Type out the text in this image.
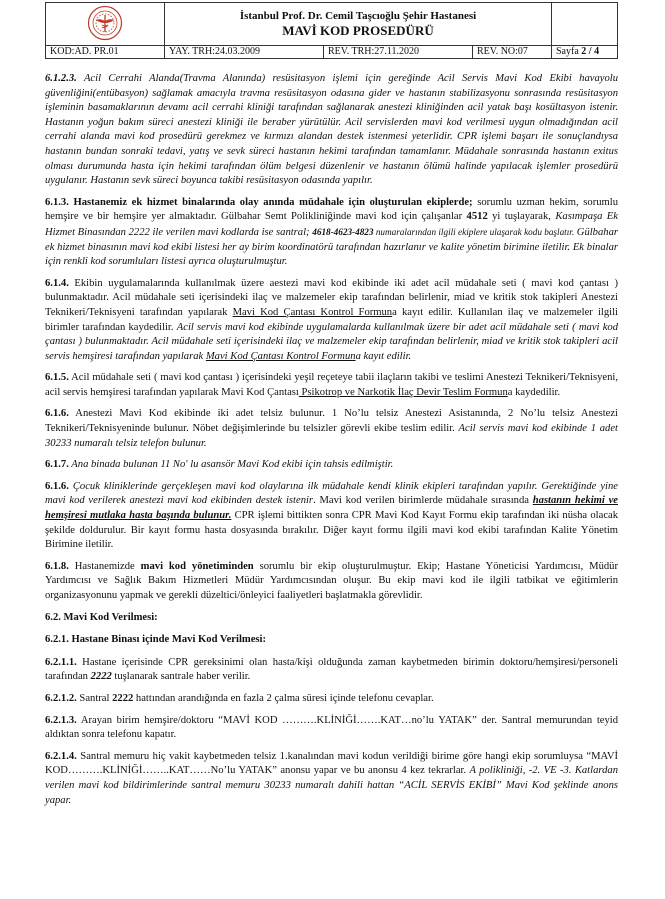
İstanbul Prof. Dr. Cemil Taşcıoğlu Şehir Hastanesi
MAVİ KOD PROSEDÜRÜ			

KOD:AD. PR.01	YAY. TRH:24.03.2009	REV. TRH:27.11.2020	REV. NO:07	Sayfa 2 / 4

6.1.2.3. Acil Cerrahi Alanda(Travma Alanında) resüsitasyon işlemi için gereğinde Acil Servis Mavi Kod Ekibi havayolu güvenliğini(entübasyon) sağlamak amacıyla travma resüsitasyon odasına gider ve hastanın stabilizasyonu sonrasında resüsitasyon işleminin basamaklarının devamı acil cerrahi kliniği tarafından sağlanarak anestezi kliniğinden acil yatak başı kosültasyon istenir. Hastanın yoğun bakım süreci anestezi kliniği ile beraber yürütülür. Acil servislerden mavi kod verilmesi uygun olmadığından acil cerrahi alanda mavi kod prosedürü gerekmez ve kırmızı alandan destek istenmesi yeterlidir. CPR işlemi başarı ile sonuçlandıysa hastanın bundan sonraki tedavi, yatış ve sevk süreci hastanın hekimi tarafından tamamlanır. Müdahale sonrasında hastanın exitus olması durumunda hasta için hekimi tarafından ölüm belgesi düzenlenir ve hastanın ölümü halinde yapılacak işlemler prosedürü uygulanır. Hastanın sevk süreci boyunca takibi resüsitasyon odasında yapılır.

6.1.3. Hastanemiz ek hizmet binalarında olay anında müdahale için oluşturulan ekiplerde; sorumlu uzman hekim, sorumlu hemşire ve bir hemşire yer almaktadır. Gülbahar Semt Polikliniğinde mavi kod için çalışanlar 4512 yi tuşlayarak, Kasımpaşa Ek Hizmet Binasından 2222 ile verilen mavi kodlarda ise santral; 4618-4623-4823 numaralarından ilgili ekiplere ulaşarak kodu başlatır. Gülbahar ek hizmet binasının mavi kod ekibi listesi her ay birim koordinatörü tarafından hazırlanır ve kalite yönetim birimine iletilir. Ek binalar için renkli kod sorumluları listesi ayrıca oluşturulmuştur.

6.1.4. Ekibin uygulamalarında kullanılmak üzere aestezi mavi kod ekibinde iki adet acil müdahale seti ( mavi kod çantası ) bulunmaktadır. Acil müdahale seti içerisindeki ilaç ve malzemeler ekip tarafından belirlenir, miad ve kritik stok takipleri Anestezi Teknikeri/Teknisyeni tarafından yapılarak Mavi Kod Çantası Kontrol Formuna kayıt edilir. Kullanılan ilaç ve malzemeler ilgili birimler tarafından kaydedilir. Acil servis mavi kod ekibinde uygulamalarda kullanılmak üzere bir adet acil müdahale seti ( mavi kod çantası ) bulunmaktadır. Acil müdahale seti içerisindeki ilaç ve malzemeler ekip tarafından belirlenir, miad ve kritik stok takipleri acil servis hemşiresi tarafından yapılarak Mavi Kod Çantası Kontrol Formuna kayıt edilir.

6.1.5. Acil müdahale seti ( mavi kod çantası ) içerisindeki yeşil reçeteye tabii ilaçların takibi ve teslimi Anestezi Teknikeri/Teknisyeni, acil servis hemşiresi tarafından yapılarak Mavi Kod Çantası Psikotrop ve Narkotik İlaç Devir Teslim Formuna kaydedilir.

6.1.6. Anestezi Mavi Kod ekibinde iki adet telsiz bulunur. 1 No’lu telsiz Anestezi Asistanında, 2 No’lu telsiz Anestezi Teknikeri/Teknisyeninde bulunur. Nöbet değişimlerinde bu telsizler görevli ekibe teslim edilir. Acil servis mavi kod ekibinde 1 adet 30233 numaralı telsiz telefon bulunur.

6.1.7. Ana binada bulunan 11 No' lu asansör Mavi Kod ekibi için tahsis edilmiştir.

6.1.6. Çocuk kliniklerinde gerçekleşen mavi kod olaylarına ilk müdahale kendi klinik ekipleri tarafından yapılır. Gerektiğinde yine mavi kod verilerek anestezi mavi kod ekibinden destek istenir. Mavi kod verilen birimlerde müdahale sırasında hastanın hekimi ve hemşiresi mutlaka hasta başında bulunur. CPR işlemi bittikten sonra CPR Mavi Kod Kayıt Formu ekip tarafından iki nüsha olacak şekilde doldurulur. Bir kayıt formu hasta dosyasında bırakılır. Diğer kayıt formu ilgili mavi kod ekibi tarafından Kalite Yönetim Birimine iletilir.

6.1.8. Hastanemizde mavi kod yönetiminden sorumlu bir ekip oluşturulmuştur. Ekip; Hastane Yöneticisi Yardımcısı, Müdür Yardımcısı ve Sağlık Bakım Hizmetleri Müdür Yardımcısından oluşur. Bu ekip mavi kod ile ilgili tatbikat ve eğitimlerin organizasyonunu yapmak ve gerekli düzeltici/önleyici faaliyetleri başlatmakla görevlidir.

6.2. Mavi Kod Verilmesi:

6.2.1. Hastane Binası içinde Mavi Kod Verilmesi:

6.2.1.1. Hastane içerisinde CPR gereksinimi olan hasta/kişi olduğunda zaman kaybetmeden birimin doktoru/hemşiresi/personeli tarafından 2222 tuşlanarak santrale haber verilir.

6.2.1.2. Santral 2222 hattından arandığında en fazla 2 çalma süresi içinde telefonu cevaplar.

6.2.1.3. Arayan birim hemşire/doktoru “MAVİ KOD ……….KLİNİĞİ…….KAT…no’lu YATAK” der. Santral memurundan teyid aldıktan sonra telefonu kapatır.

6.2.1.4. Santral memuru hiç vakit kaybetmeden telsiz 1.kanalından mavi kodun verildiği birime göre hangi ekip sorumluysa “MAVİ KOD……….KLİNİĞİ……..KAT……No’lu YATAK” anonsu yapar ve bu anonsu 4 kez tekrarlar. A polikliniği, -2. VE -3. Katlardan verilen mavi kod bildirimlerinde santral memuru 30233 numaralı dahili hattan “ACİL SERVİS EKİBİ” Mavi Kod şeklinde anons yapar.
